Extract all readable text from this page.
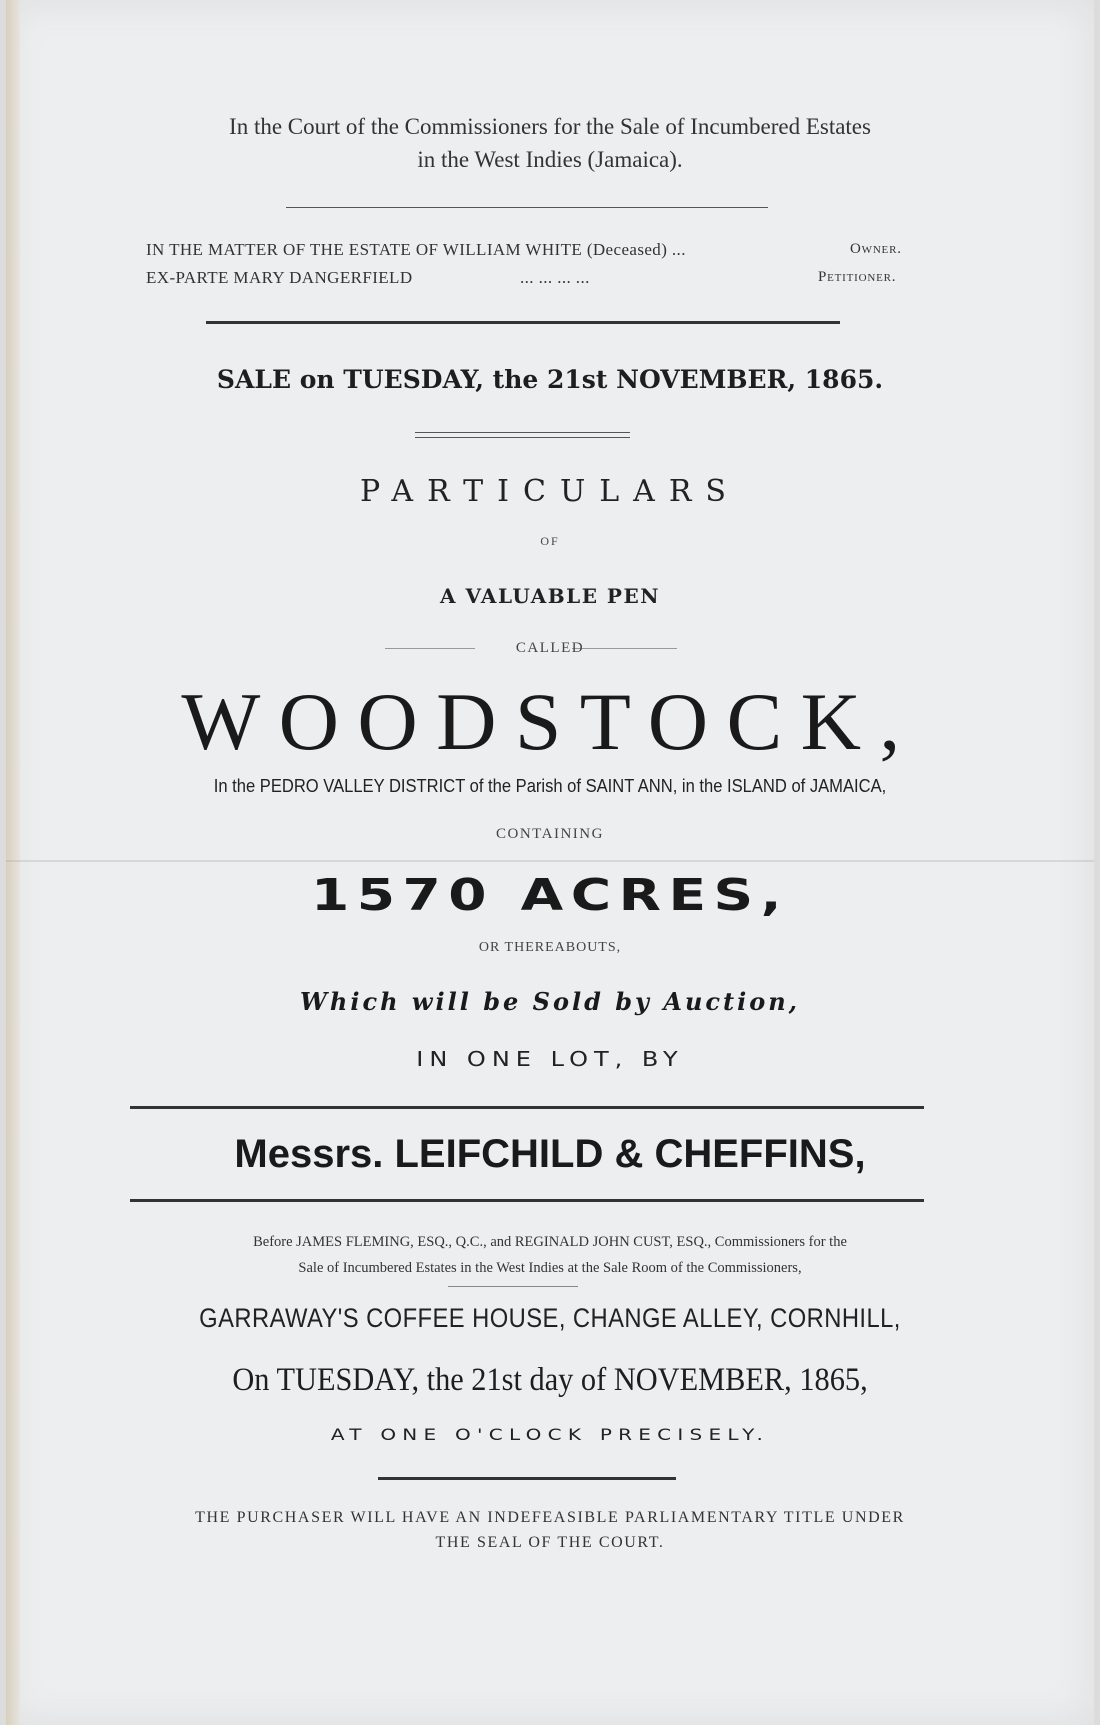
In the Court of the Commissioners for the Sale of Incumbered Estates
in the West Indies (Jamaica).
IN THE MATTER OF THE ESTATE OF WILLIAM WHITE (Deceased) ...	Owner.
EX-PARTE MARY DANGERFIELD	... ... ... ...	Petitioner.
SALE on TUESDAY, the 21st NOVEMBER, 1865.
PARTICULARS
OF
A VALUABLE PEN
CALLED
WOODSTOCK,
In the PEDRO VALLEY DISTRICT of the Parish of SAINT ANN, in the ISLAND of JAMAICA,
CONTAINING
1570 ACRES,
OR THEREABOUTS,
Which will be Sold by Auction,
IN ONE LOT, BY
Messrs. LEIFCHILD & CHEFFINS,
Before JAMES FLEMING, ESQ., Q.C., and REGINALD JOHN CUST, ESQ., Commissioners for the
Sale of Incumbered Estates in the West Indies at the Sale Room of the Commissioners,
GARRAWAY'S COFFEE HOUSE, CHANGE ALLEY, CORNHILL,
On TUESDAY, the 21st day of NOVEMBER, 1865,
AT ONE O'CLOCK PRECISELY.
THE PURCHASER WILL HAVE AN INDEFEASIBLE PARLIAMENTARY TITLE UNDER
THE SEAL OF THE COURT.
